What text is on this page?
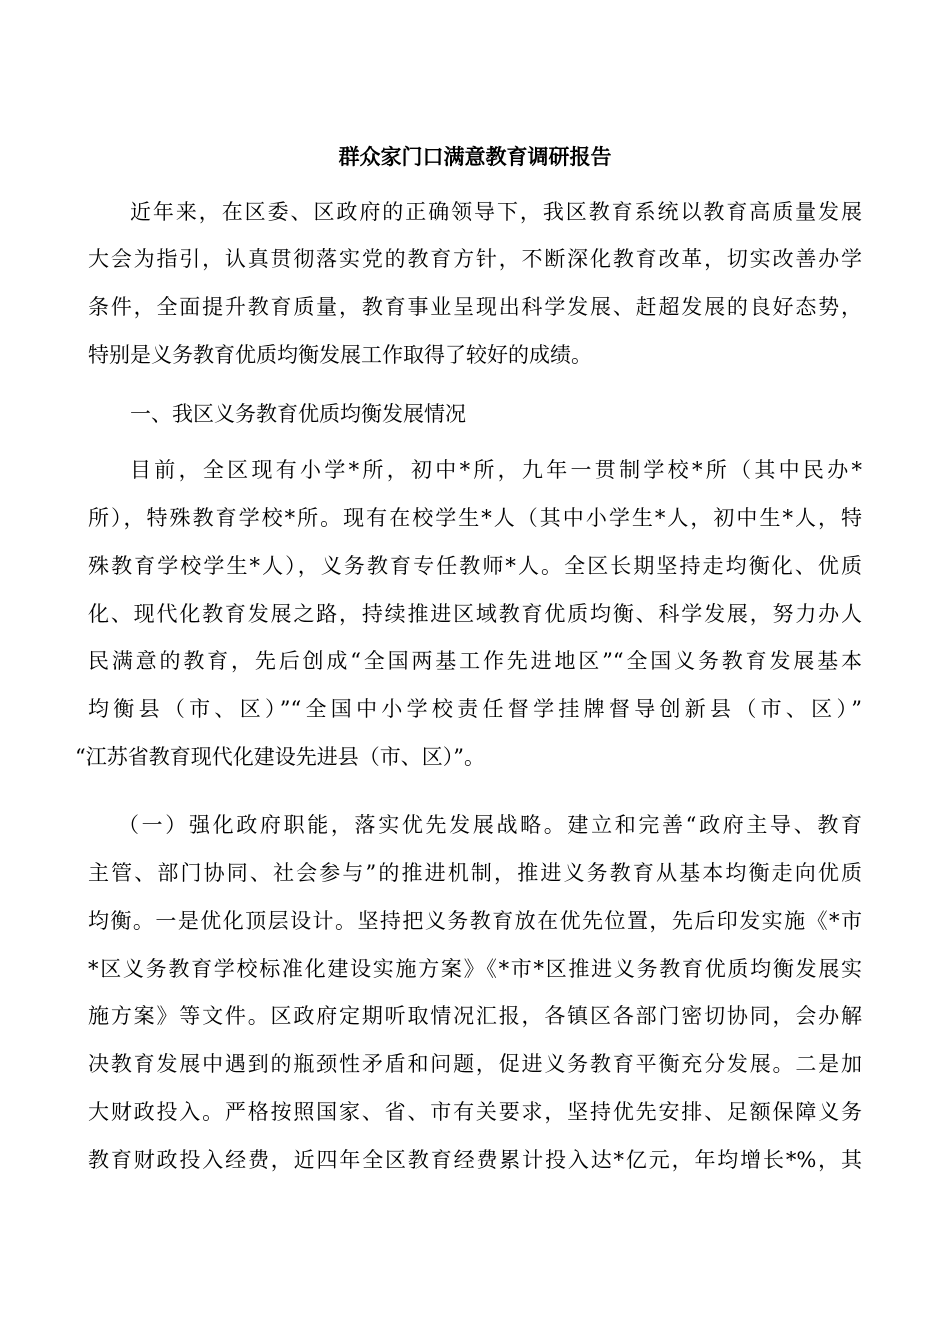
群众家门口满意教育调研报告
近年来，在区委、区政府的正确领导下，我区教育系统以教育高质量发展
大会为指引，认真贯彻落实党的教育方针，不断深化教育改革，切实改善办学
条件，全面提升教育质量，教育事业呈现出科学发展、赶超发展的良好态势，
特别是义务教育优质均衡发展工作取得了较好的成绩。
一、我区义务教育优质均衡发展情况
目前，全区现有小学*所，初中*所，九年一贯制学校*所（其中民办*
所），特殊教育学校*所。现有在校学生*人（其中小学生*人，初中生*人，特
殊教育学校学生*人），义务教育专任教师*人。全区长期坚持走均衡化、优质
化、现代化教育发展之路，持续推进区域教育优质均衡、科学发展，努力办人
民满意的教育，先后创成“全国两基工作先进地区”“全国义务教育发展基本
均衡县（市、区）”“全国中小学校责任督学挂牌督导创新县（市、区）”
“江苏省教育现代化建设先进县（市、区）”。
（一）强化政府职能，落实优先发展战略。建立和完善“政府主导、教育
主管、部门协同、社会参与”的推进机制，推进义务教育从基本均衡走向优质
均衡。一是优化顶层设计。坚持把义务教育放在优先位置，先后印发实施《*市
*区义务教育学校标准化建设实施方案》《*市*区推进义务教育优质均衡发展实
施方案》等文件。区政府定期听取情况汇报，各镇区各部门密切协同，会办解
决教育发展中遇到的瓶颈性矛盾和问题，促进义务教育平衡充分发展。二是加
大财政投入。严格按照国家、省、市有关要求，坚持优先安排、足额保障义务
教育财政投入经费，近四年全区教育经费累计投入达*亿元，年均增长*%，其
